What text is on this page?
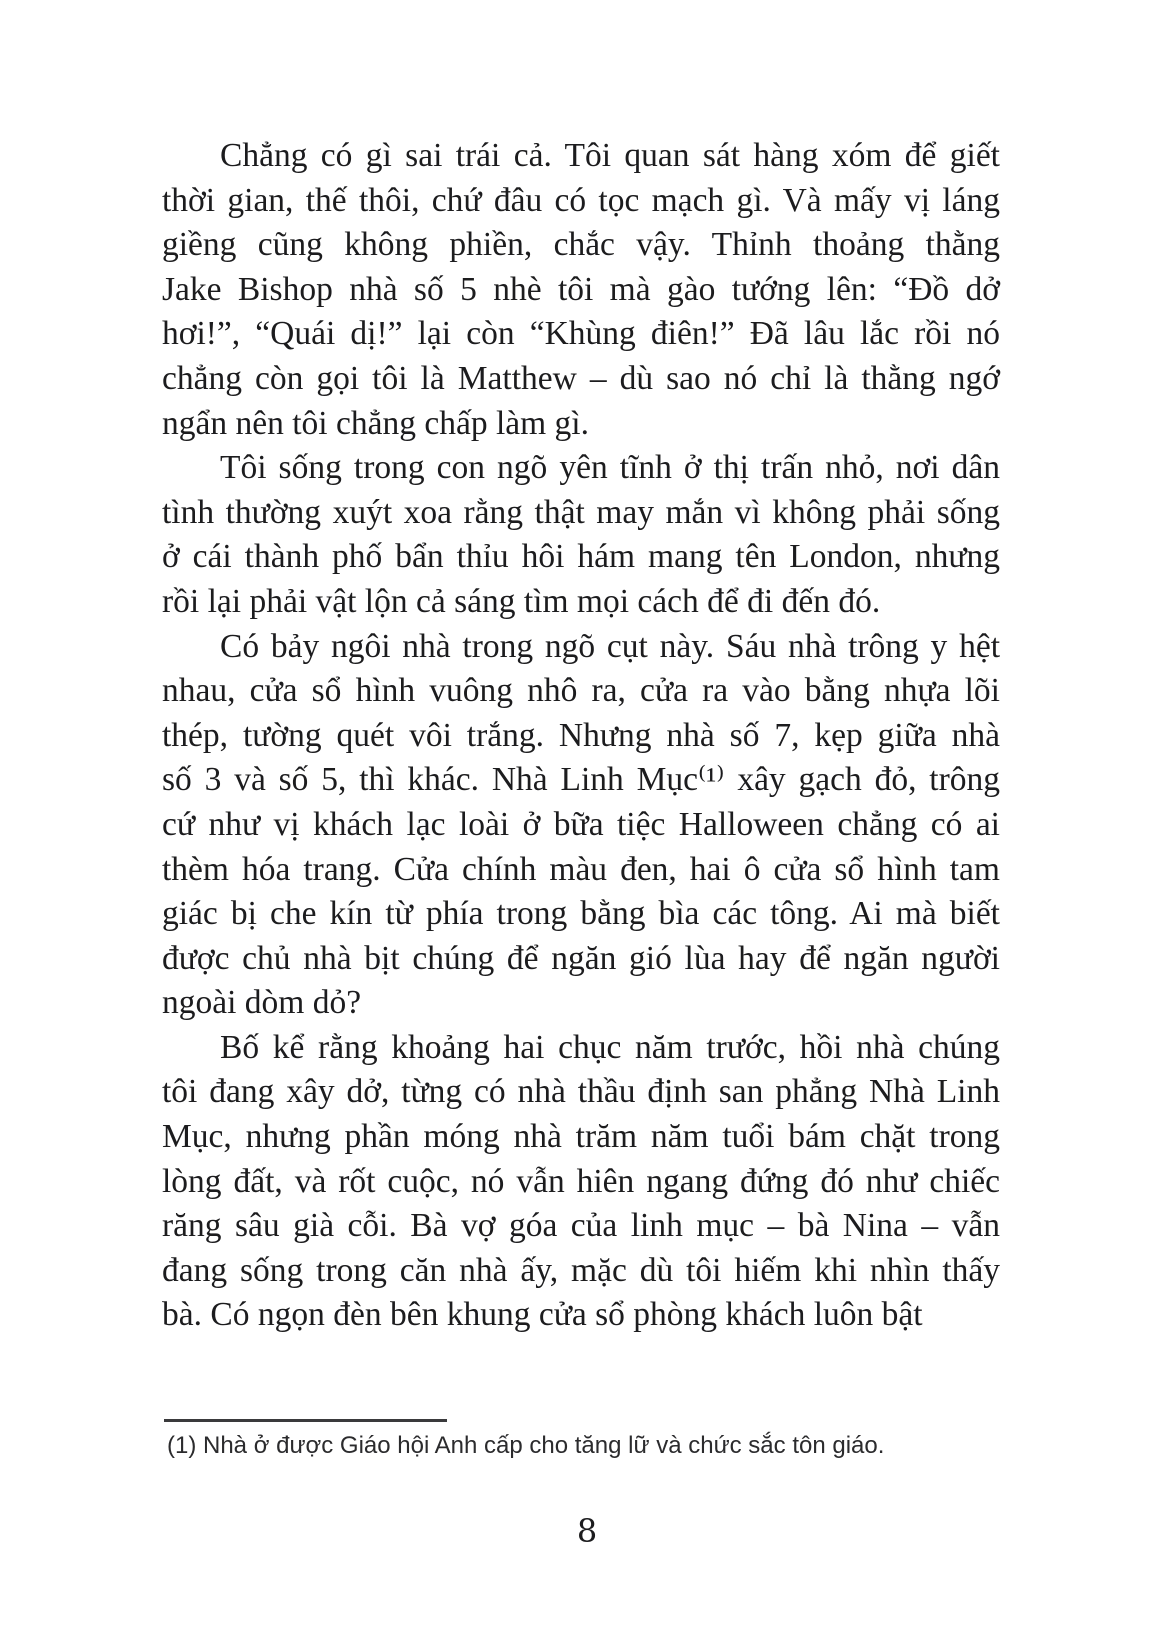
Chẳng có gì sai trái cả. Tôi quan sát hàng xóm để giết
thời gian, thế thôi, chứ đâu có tọc mạch gì. Và mấy vị láng
giềng cũng không phiền, chắc vậy. Thỉnh thoảng thằng
Jake Bishop nhà số 5 nhè tôi mà gào tướng lên: “Đồ dở
hơi!”, “Quái dị!” lại còn “Khùng điên!” Đã lâu lắc rồi nó
chẳng còn gọi tôi là Matthew – dù sao nó chỉ là thằng ngớ
ngẩn nên tôi chẳng chấp làm gì.
Tôi sống trong con ngõ yên tĩnh ở thị trấn nhỏ, nơi dân
tình thường xuýt xoa rằng thật may mắn vì không phải sống
ở cái thành phố bẩn thỉu hôi hám mang tên London, nhưng
rồi lại phải vật lộn cả sáng tìm mọi cách để đi đến đó.
Có bảy ngôi nhà trong ngõ cụt này. Sáu nhà trông y hệt
nhau, cửa sổ hình vuông nhô ra, cửa ra vào bằng nhựa lõi
thép, tường quét vôi trắng. Nhưng nhà số 7, kẹp giữa nhà
số 3 và số 5, thì khác. Nhà Linh Mục⁽¹⁾ xây gạch đỏ, trông
cứ như vị khách lạc loài ở bữa tiệc Halloween chẳng có ai
thèm hóa trang. Cửa chính màu đen, hai ô cửa sổ hình tam
giác bị che kín từ phía trong bằng bìa các tông. Ai mà biết
được chủ nhà bịt chúng để ngăn gió lùa hay để ngăn người
ngoài dòm dỏ?
Bố kể rằng khoảng hai chục năm trước, hồi nhà chúng
tôi đang xây dở, từng có nhà thầu định san phẳng Nhà Linh
Mục, nhưng phần móng nhà trăm năm tuổi bám chặt trong
lòng đất, và rốt cuộc, nó vẫn hiên ngang đứng đó như chiếc
răng sâu già cỗi. Bà vợ góa của linh mục – bà Nina – vẫn
đang sống trong căn nhà ấy, mặc dù tôi hiếm khi nhìn thấy
bà. Có ngọn đèn bên khung cửa sổ phòng khách luôn bật
(1) Nhà ở được Giáo hội Anh cấp cho tăng lữ và chức sắc tôn giáo.
8
